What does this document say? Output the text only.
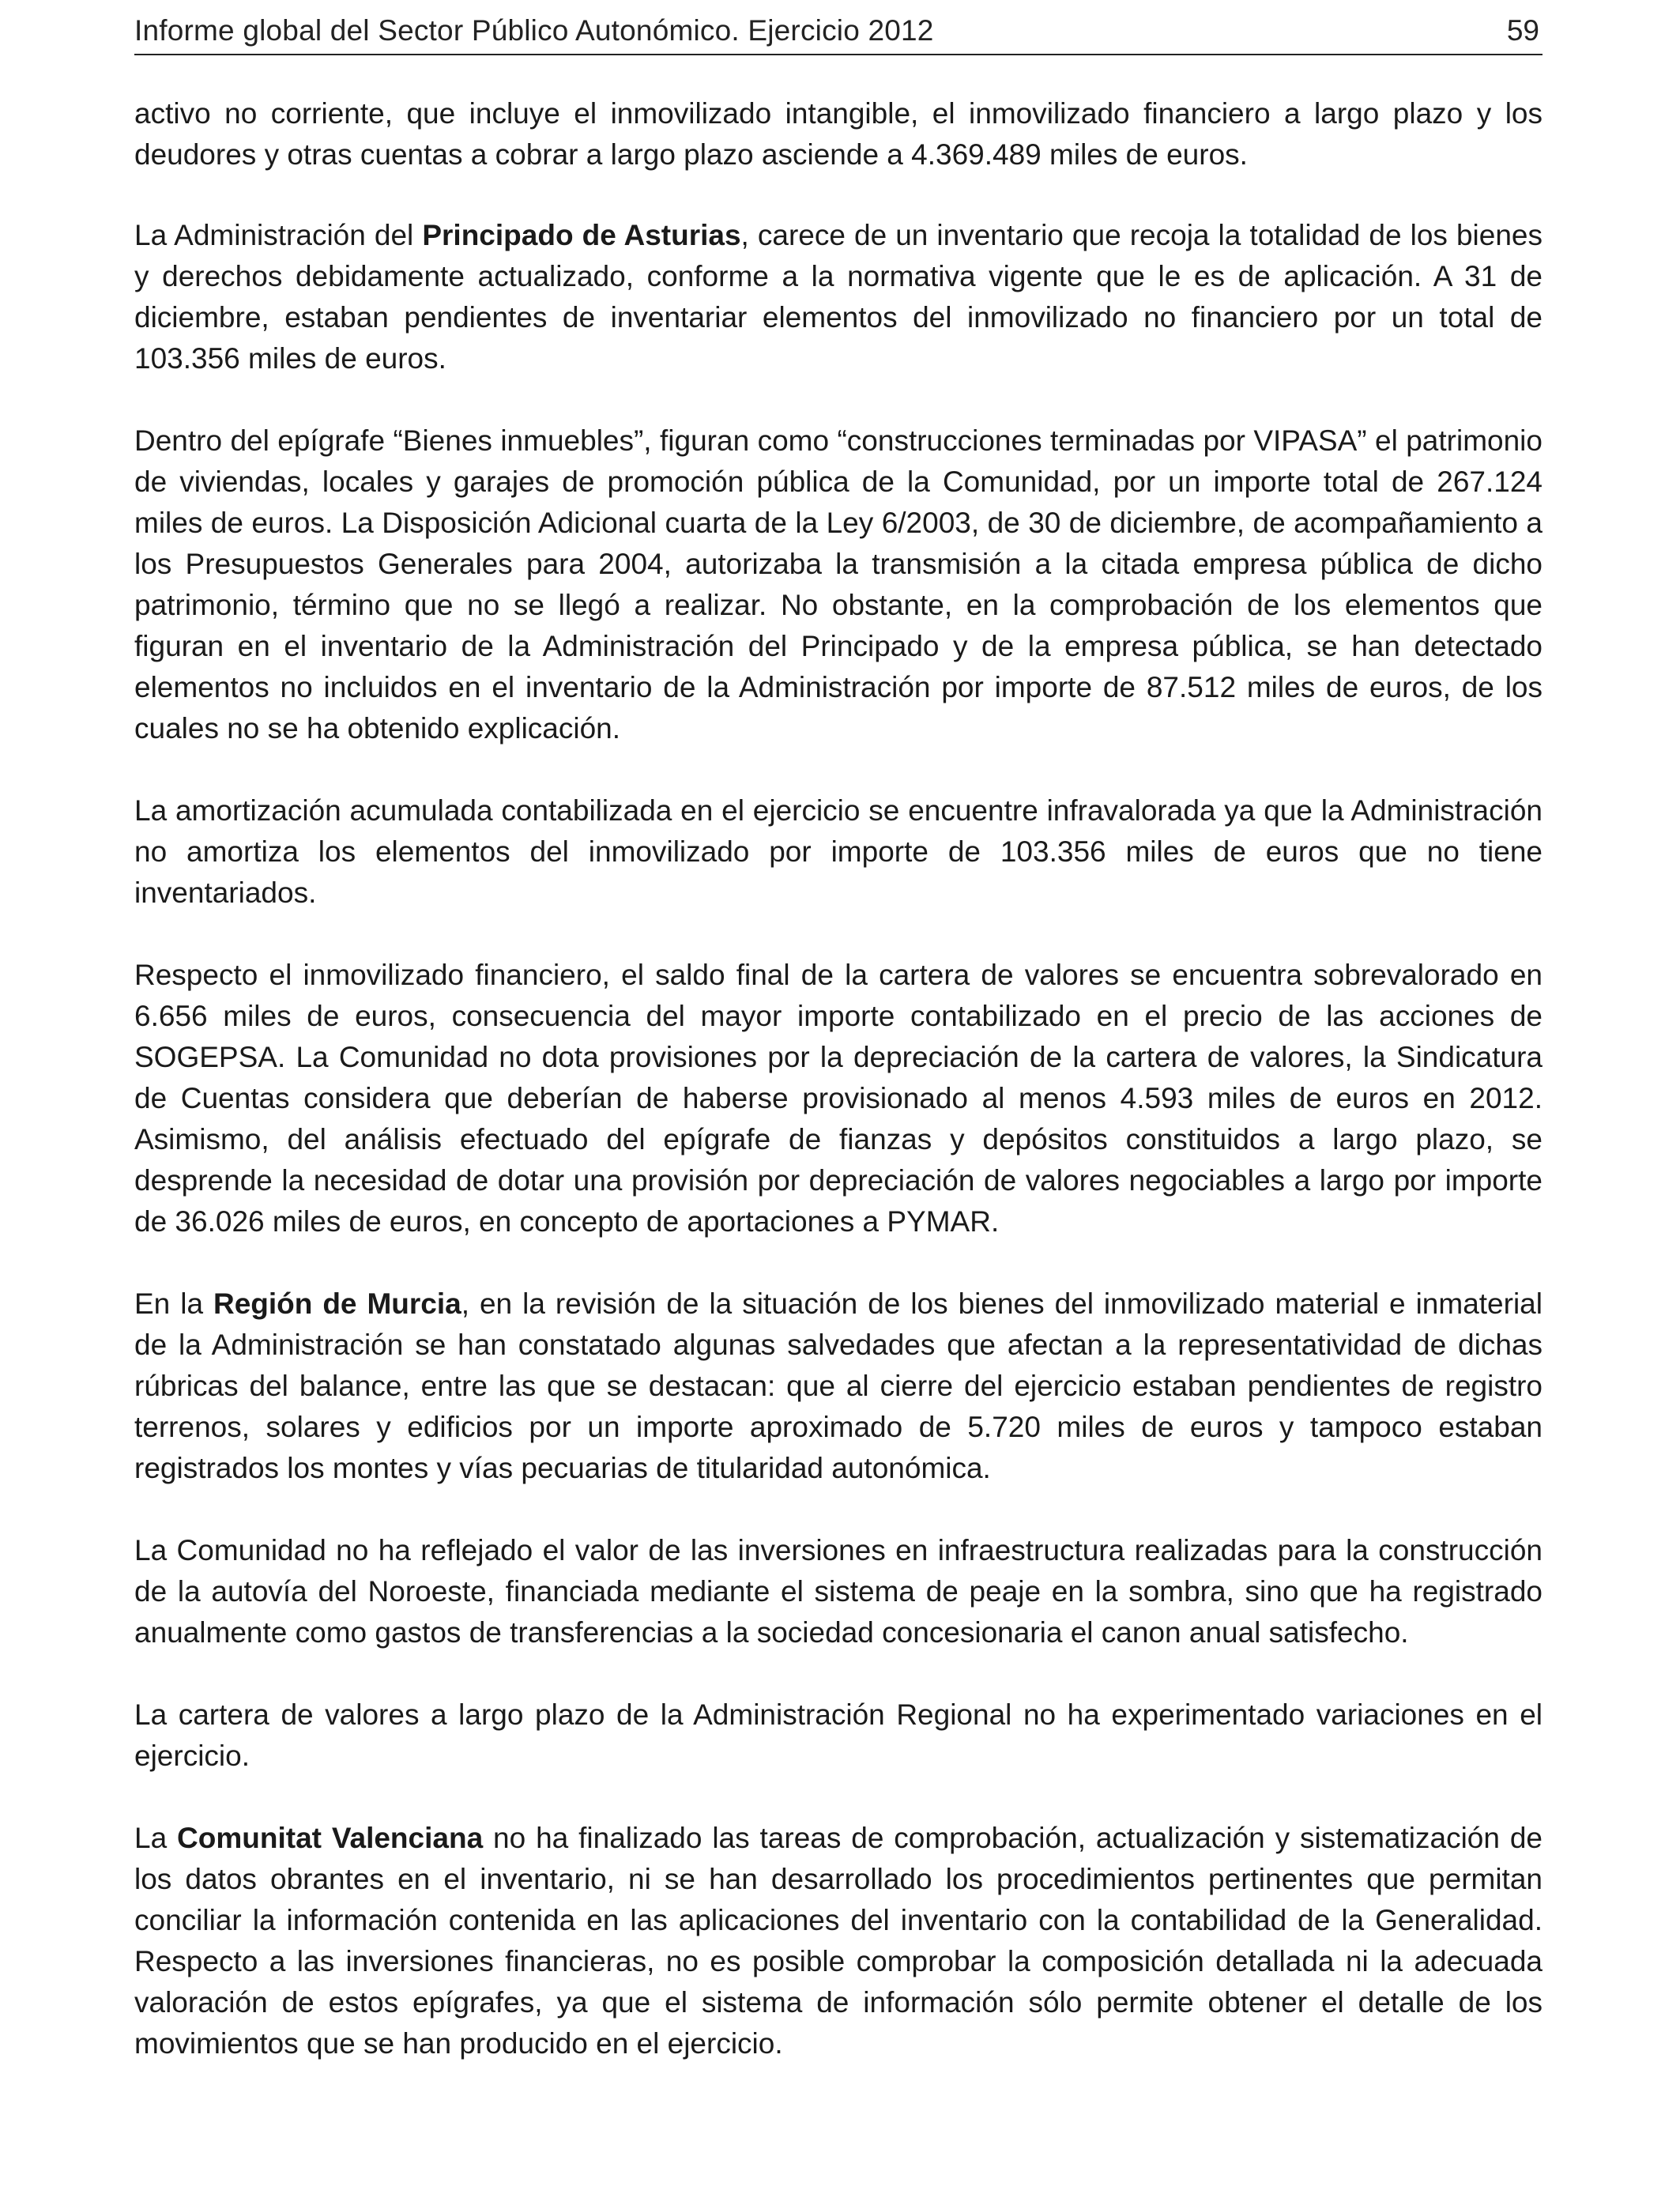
Informe global del Sector Público Autonómico. Ejercicio 2012	59

activo no corriente, que incluye el inmovilizado intangible, el inmovilizado financiero a largo plazo y los deudores y otras cuentas a cobrar a largo plazo asciende a 4.369.489 miles de euros.

La Administración del Principado de Asturias, carece de un inventario que recoja la totalidad de los bienes y derechos debidamente actualizado, conforme a la normativa vigente que le es de aplicación. A 31 de diciembre, estaban pendientes de inventariar elementos del inmovilizado no financiero por un total de 103.356 miles de euros.

Dentro del epígrafe “Bienes inmuebles”, figuran como “construcciones terminadas por VIPASA” el patrimonio de viviendas, locales y garajes de promoción pública de la Comunidad, por un importe total de 267.124 miles de euros. La Disposición Adicional cuarta de la Ley 6/2003, de 30 de diciembre, de acompañamiento a los Presupuestos Generales para 2004, autorizaba la transmisión a la citada empresa pública de dicho patrimonio, término que no se llegó a realizar. No obstante, en la comprobación de los elementos que figuran en el inventario de la Administración del Principado y de la empresa pública, se han detectado elementos no incluidos en el inventario de la Administración por importe de 87.512 miles de euros, de los cuales no se ha obtenido explicación.

La amortización acumulada contabilizada en el ejercicio se encuentre infravalorada ya que la Administración no amortiza los elementos del inmovilizado por importe de 103.356 miles de euros que no tiene inventariados.

Respecto el inmovilizado financiero, el saldo final de la cartera de valores se encuentra sobrevalorado en 6.656 miles de euros, consecuencia del mayor importe contabilizado en el precio de las acciones de SOGEPSA. La Comunidad no dota provisiones por la depreciación de la cartera de valores, la Sindicatura de Cuentas considera que deberían de haberse provisionado al menos 4.593 miles de euros en 2012. Asimismo, del análisis efectuado del epígrafe de fianzas y depósitos constituidos a largo plazo, se desprende la necesidad de dotar una provisión por depreciación de valores negociables a largo por importe de 36.026 miles de euros, en concepto de aportaciones a PYMAR.

En la Región de Murcia, en la revisión de la situación de los bienes del inmovilizado material e inmaterial de la Administración se han constatado algunas salvedades que afectan a la representatividad de dichas rúbricas del balance, entre las que se destacan: que al cierre del ejercicio estaban pendientes de registro terrenos, solares y edificios por un importe aproximado de 5.720 miles de euros y tampoco estaban registrados los montes y vías pecuarias de titularidad autonómica.

La Comunidad no ha reflejado el valor de las inversiones en infraestructura realizadas para la construcción de la autovía del Noroeste, financiada mediante el sistema de peaje en la sombra, sino que ha registrado anualmente como gastos de transferencias a la sociedad concesionaria el canon anual satisfecho.

La cartera de valores a largo plazo de la Administración Regional no ha experimentado variaciones en el ejercicio.

La Comunitat Valenciana no ha finalizado las tareas de comprobación, actualización y sistematización de los datos obrantes en el inventario, ni se han desarrollado los procedimientos pertinentes que permitan conciliar la información contenida en las aplicaciones del inventario con la contabilidad de la Generalidad. Respecto a las inversiones financieras, no es posible comprobar la composición detallada ni la adecuada valoración de estos epígrafes, ya que el sistema de información sólo permite obtener el detalle de los movimientos que se han producido en el ejercicio.
